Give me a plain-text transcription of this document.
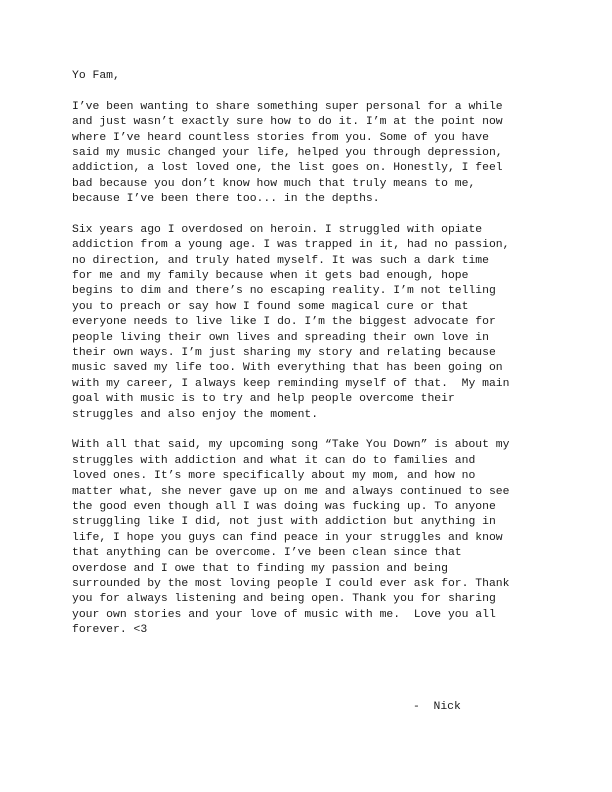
Yo Fam,
I’ve been wanting to share something super personal for a while
and just wasn’t exactly sure how to do it. I’m at the point now
where I’ve heard countless stories from you. Some of you have
said my music changed your life, helped you through depression,
addiction, a lost loved one, the list goes on. Honestly, I feel
bad because you don’t know how much that truly means to me,
because I’ve been there too... in the depths.
Six years ago I overdosed on heroin. I struggled with opiate
addiction from a young age. I was trapped in it, had no passion,
no direction, and truly hated myself. It was such a dark time
for me and my family because when it gets bad enough, hope
begins to dim and there’s no escaping reality. I’m not telling
you to preach or say how I found some magical cure or that
everyone needs to live like I do. I’m the biggest advocate for
people living their own lives and spreading their own love in
their own ways. I’m just sharing my story and relating because
music saved my life too. With everything that has been going on
with my career, I always keep reminding myself of that.  My main
goal with music is to try and help people overcome their
struggles and also enjoy the moment.
With all that said, my upcoming song “Take You Down” is about my
struggles with addiction and what it can do to families and
loved ones. It’s more specifically about my mom, and how no
matter what, she never gave up on me and always continued to see
the good even though all I was doing was fucking up. To anyone
struggling like I did, not just with addiction but anything in
life, I hope you guys can find peace in your struggles and know
that anything can be overcome. I’ve been clean since that
overdose and I owe that to finding my passion and being
surrounded by the most loving people I could ever ask for. Thank
you for always listening and being open. Thank you for sharing
your own stories and your love of music with me.  Love you all
forever. <3
-  Nick
